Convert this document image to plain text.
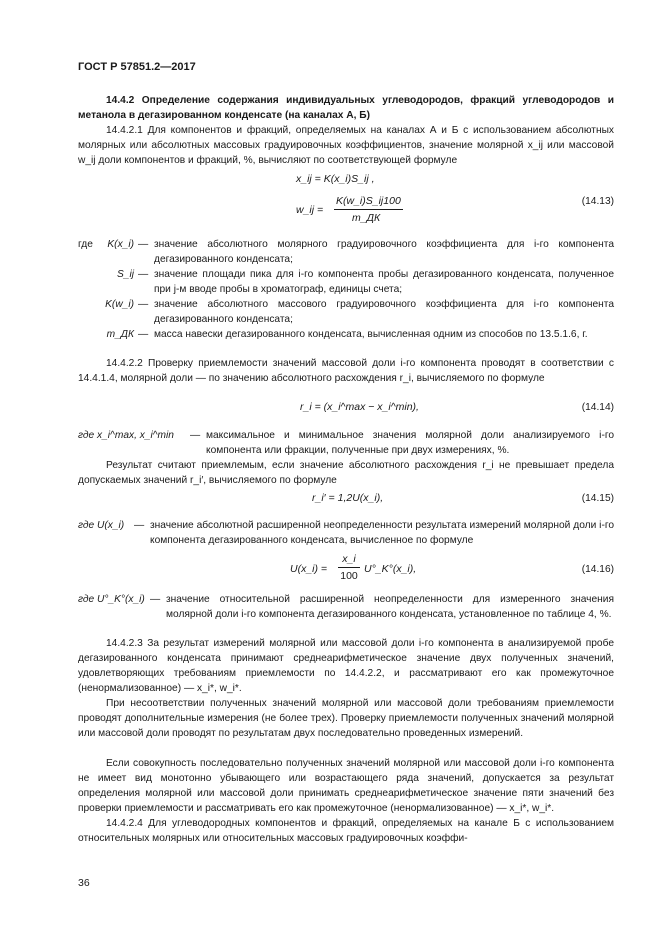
ГОСТ Р 57851.2—2017
14.4.2 Определение содержания индивидуальных углеводородов, фракций углеводородов и метанола в дегазированном конденсате (на каналах А, Б)
14.4.2.1 Для компонентов и фракций, определяемых на каналах А и Б с использованием абсолютных молярных или абсолютных массовых градуировочных коэффициентов, значение молярной x_ij или массовой w_ij доли компонентов и фракций, %, вычисляют по соответствующей формуле
x_ij = K(x_i)S_ij ,
w_ij =
K(w_i)S_ij100
m_ДК
(14.13)
где	K(x_i) — значение абсолютного молярного градуировочного коэффициента для i-го компонента дегазированного конденсата;
S_ij — значение площади пика для i-го компонента пробы дегазированного конденсата, полученное при j-м вводе пробы в хроматограф, единицы счета;
K(w_i) — значение абсолютного массового градуировочного коэффициента для i-го компонента дегазированного конденсата;
m_ДК — масса навески дегазированного конденсата, вычисленная одним из способов по 13.5.1.6, г.
14.4.2.2 Проверку приемлемости значений массовой доли i-го компонента проводят в соответствии с 14.4.1.4, молярной доли — по значению абсолютного расхождения r_i, вычисляемого по формуле
r_i = (x_i^max − x_i^min),	(14.14)
где x_i^max, x_i^min — максимальное и минимальное значения молярной доли анализируемого i-го компонента или фракции, полученные при двух измерениях, %.
Результат считают приемлемым, если значение абсолютного расхождения r_i не превышает предела допускаемых значений r_i′, вычисляемого по формуле
r_i′ = 1,2U(x_i),	(14.15)
где U(x_i) — значение абсолютной расширенной неопределенности результата измерений молярной доли i-го компонента дегазированного конденсата, вычисленное по формуле
U(x_i) =
x_i
100
U°_K°(x_i),	(14.16)
где U°_K°(x_i) — значение относительной расширенной неопределенности для измеренного значения молярной доли i-го компонента дегазированного конденсата, установленное по таблице 4, %.
14.4.2.3 За результат измерений молярной или массовой доли i-го компонента в анализируемой пробе дегазированного конденсата принимают среднеарифметическое значение двух полученных значений, удовлетворяющих требованиям приемлемости по 14.4.2.2, и рассматривают его как промежуточное (ненормализованное) — x_i*, w_i*.
При несоответствии полученных значений молярной или массовой доли требованиям приемлемости проводят дополнительные измерения (не более трех). Проверку приемлемости полученных значений молярной или массовой доли проводят по результатам двух последовательно проведенных измерений.
Если совокупность последовательно полученных значений молярной или массовой доли i-го компонента не имеет вид монотонно убывающего или возрастающего ряда значений, допускается за результат определения молярной или массовой доли принимать среднеарифметическое значение пяти значений без проверки приемлемости и рассматривать его как промежуточное (ненормализованное) — x_i*, w_i*.
14.4.2.4 Для углеводородных компонентов и фракций, определяемых на канале Б с использованием относительных молярных или относительных массовых градуировочных коэффи-
36
